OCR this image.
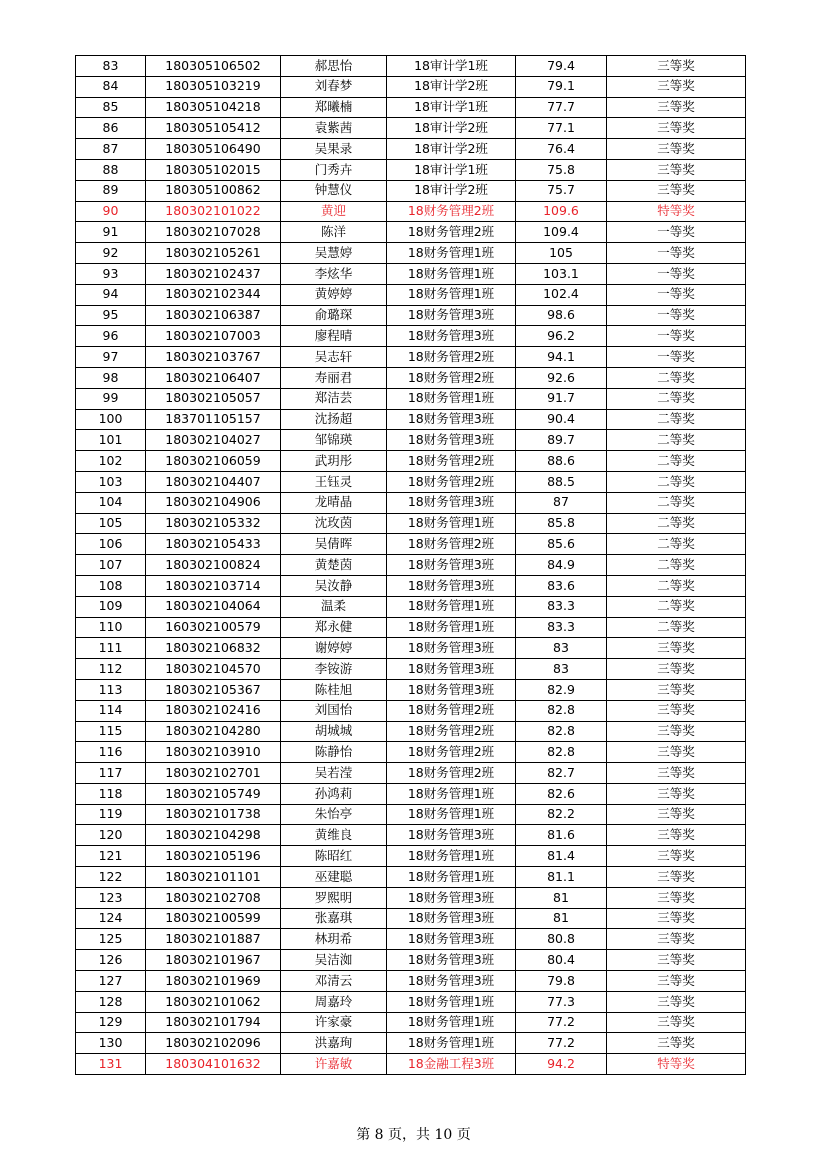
83	180305106502	郝思怡	18审计学1班	79.4	三等奖
84	180305103219	刘春梦	18审计学2班	79.1	三等奖
85	180305104218	郑曦楠	18审计学1班	77.7	三等奖
86	180305105412	袁紫茜	18审计学2班	77.1	三等奖
87	180305106490	吴果录	18审计学2班	76.4	三等奖
88	180305102015	门秀卉	18审计学1班	75.8	三等奖
89	180305100862	钟慧仪	18审计学2班	75.7	三等奖
90	180302101022	黄迎	18财务管理2班	109.6	特等奖
91	180302107028	陈洋	18财务管理2班	109.4	一等奖
92	180302105261	吴慧婷	18财务管理1班	105	一等奖
93	180302102437	李炫华	18财务管理1班	103.1	一等奖
94	180302102344	黄婷婷	18财务管理1班	102.4	一等奖
95	180302106387	俞璐琛	18财务管理3班	98.6	一等奖
96	180302107003	廖程晴	18财务管理3班	96.2	一等奖
97	180302103767	吴志轩	18财务管理2班	94.1	一等奖
98	180302106407	寿丽君	18财务管理2班	92.6	二等奖
99	180302105057	郑洁芸	18财务管理1班	91.7	二等奖
100	183701105157	沈扬超	18财务管理3班	90.4	二等奖
101	180302104027	邹锦瑛	18财务管理3班	89.7	二等奖
102	180302106059	武玥彤	18财务管理2班	88.6	二等奖
103	180302104407	王钰灵	18财务管理2班	88.5	二等奖
104	180302104906	龙晴晶	18财务管理3班	87	二等奖
105	180302105332	沈玫茵	18财务管理1班	85.8	二等奖
106	180302105433	吴倩晖	18财务管理2班	85.6	二等奖
107	180302100824	黄楚茵	18财务管理3班	84.9	二等奖
108	180302103714	吴汝静	18财务管理3班	83.6	二等奖
109	180302104064	温柔	18财务管理1班	83.3	二等奖
110	160302100579	郑永健	18财务管理1班	83.3	二等奖
111	180302106832	谢婷婷	18财务管理3班	83	三等奖
112	180302104570	李铵游	18财务管理3班	83	三等奖
113	180302105367	陈桂旭	18财务管理3班	82.9	三等奖
114	180302102416	刘国怡	18财务管理2班	82.8	三等奖
115	180302104280	胡城城	18财务管理2班	82.8	三等奖
116	180302103910	陈静怡	18财务管理2班	82.8	三等奖
117	180302102701	吴若滢	18财务管理2班	82.7	三等奖
118	180302105749	孙鸿莉	18财务管理1班	82.6	三等奖
119	180302101738	朱怡亭	18财务管理1班	82.2	三等奖
120	180302104298	黄维良	18财务管理3班	81.6	三等奖
121	180302105196	陈昭红	18财务管理1班	81.4	三等奖
122	180302101101	巫建聪	18财务管理1班	81.1	三等奖
123	180302102708	罗熙明	18财务管理3班	81	三等奖
124	180302100599	张嘉琪	18财务管理3班	81	三等奖
125	180302101887	林玥希	18财务管理3班	80.8	三等奖
126	180302101967	吴洁洳	18财务管理3班	80.4	三等奖
127	180302101969	邓清云	18财务管理3班	79.8	三等奖
128	180302101062	周嘉玲	18财务管理1班	77.3	三等奖
129	180302101794	许家豪	18财务管理1班	77.2	三等奖
130	180302102096	洪嘉珣	18财务管理1班	77.2	三等奖
131	180304101632	许嘉敏	18金融工程3班	94.2	特等奖
第 8 页，共 10 页
